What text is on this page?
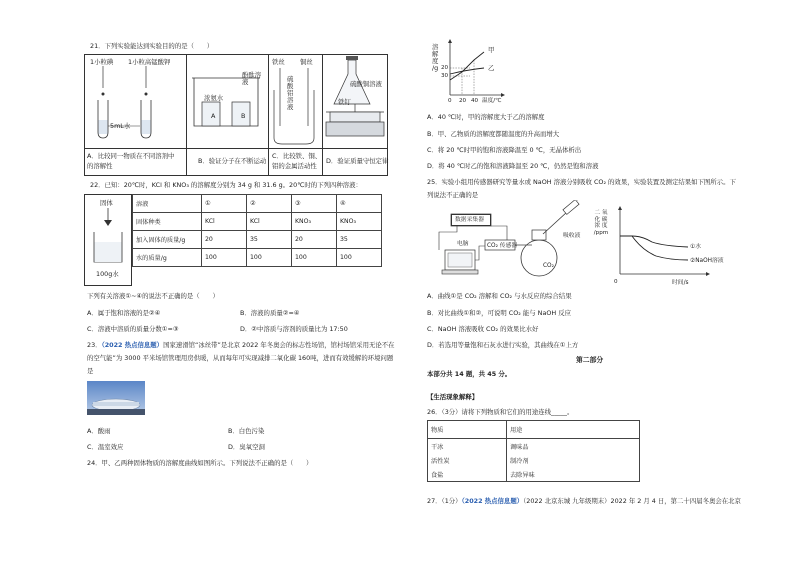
21．下列实验能达到实验目的的是（　　）
1小粒碘 1小粒高锰酸钾
5mL水
浓氨水
A	B
酚酞溶液
铁丝 铜丝
硫酸铝溶液
硫酸铜溶液
铁钉
A．比较同一物质在不同溶剂中
的溶解性
B．验证分子在不断运动
C．比较铁、铜、
铝的金属活动性
D．验证质量守恒定律
22．已知：20℃时，KCl 和 KNO₃ 的溶解度分别为 34 g 和 31.6 g。20℃时的下列四种溶液：
固体
100g水
溶液	①	②	③	④
固体种类	KCl	KCl	KNO₃	KNO₃
加入固体的质量/g	20	35	20	35
水的质量/g	100	100	100	100
下列有关溶液①~④的说法不正确的是（　　）
A．属于饱和溶液的是②④	B．溶液的质量②=④
C．溶液中溶质的质量分数①=③	D．②中溶质与溶剂的质量比为 17:50
23．（2022 热点信息题）国家速滑馆“冰丝带”是北京 2022 年冬奥会的标志性场馆，馆村场馆采用无论不在
的空气能”为 3000 平米场馆管理用房供暖，从而每年可实现减排二氧化碳 160吨，进而有效缓解的环境问题
是
A．酸雨	B．白色污染
C．温室效应	D．臭氧空洞
24．甲、乙两种固体物质的溶解度曲线如图所示。下列说法不正确的是（　　）
溶 解 度 /g 20
30
0 20 40 温度/℃
甲
乙
A．40 ℃时，甲的溶解度大于乙的溶解度
B．甲、乙物质的溶解度都随温度的升高而增大
C．将 20 ℃时甲的饱和溶液降温至 0 ℃，无晶体析出
D．将 40 ℃时乙的饱和溶液降温至 20 ℃，仍然是饱和溶液
25．实验小组用传感器研究等量水或 NaOH 溶液分别吸收 CO₂ 的效果，实验装置及测定结果如下图所示。下
列说法不正确的是
数据采集器
电脑	CO₂ 传感器
吸收液
CO₂
二 氧 化 碳 浓 度 /ppm
0	时间/s
①水
②NaOH溶液
A．曲线①是 CO₂ 溶解和 CO₂ 与水反应的综合结果
B．对比曲线①和②，可说明 CO₂ 能与 NaOH 反应
C．NaOH 溶液吸收 CO₂ 的效果比水好
D．若选用等量饱和石灰水进行实验，其曲线在①上方
第二部分
本部分共 14 题，共 45 分。
【生活现象解释】
26．（3分）请将下列物质和它们的用途连线_____。
物质	用途
干冰	调味品
活性炭	制冷剂
食盐	去除异味
27．（1分）（2022 热点信息题）（2022 北京东城 九年级期末）2022 年 2 月 4 日，第二十四届冬奥会在北京
